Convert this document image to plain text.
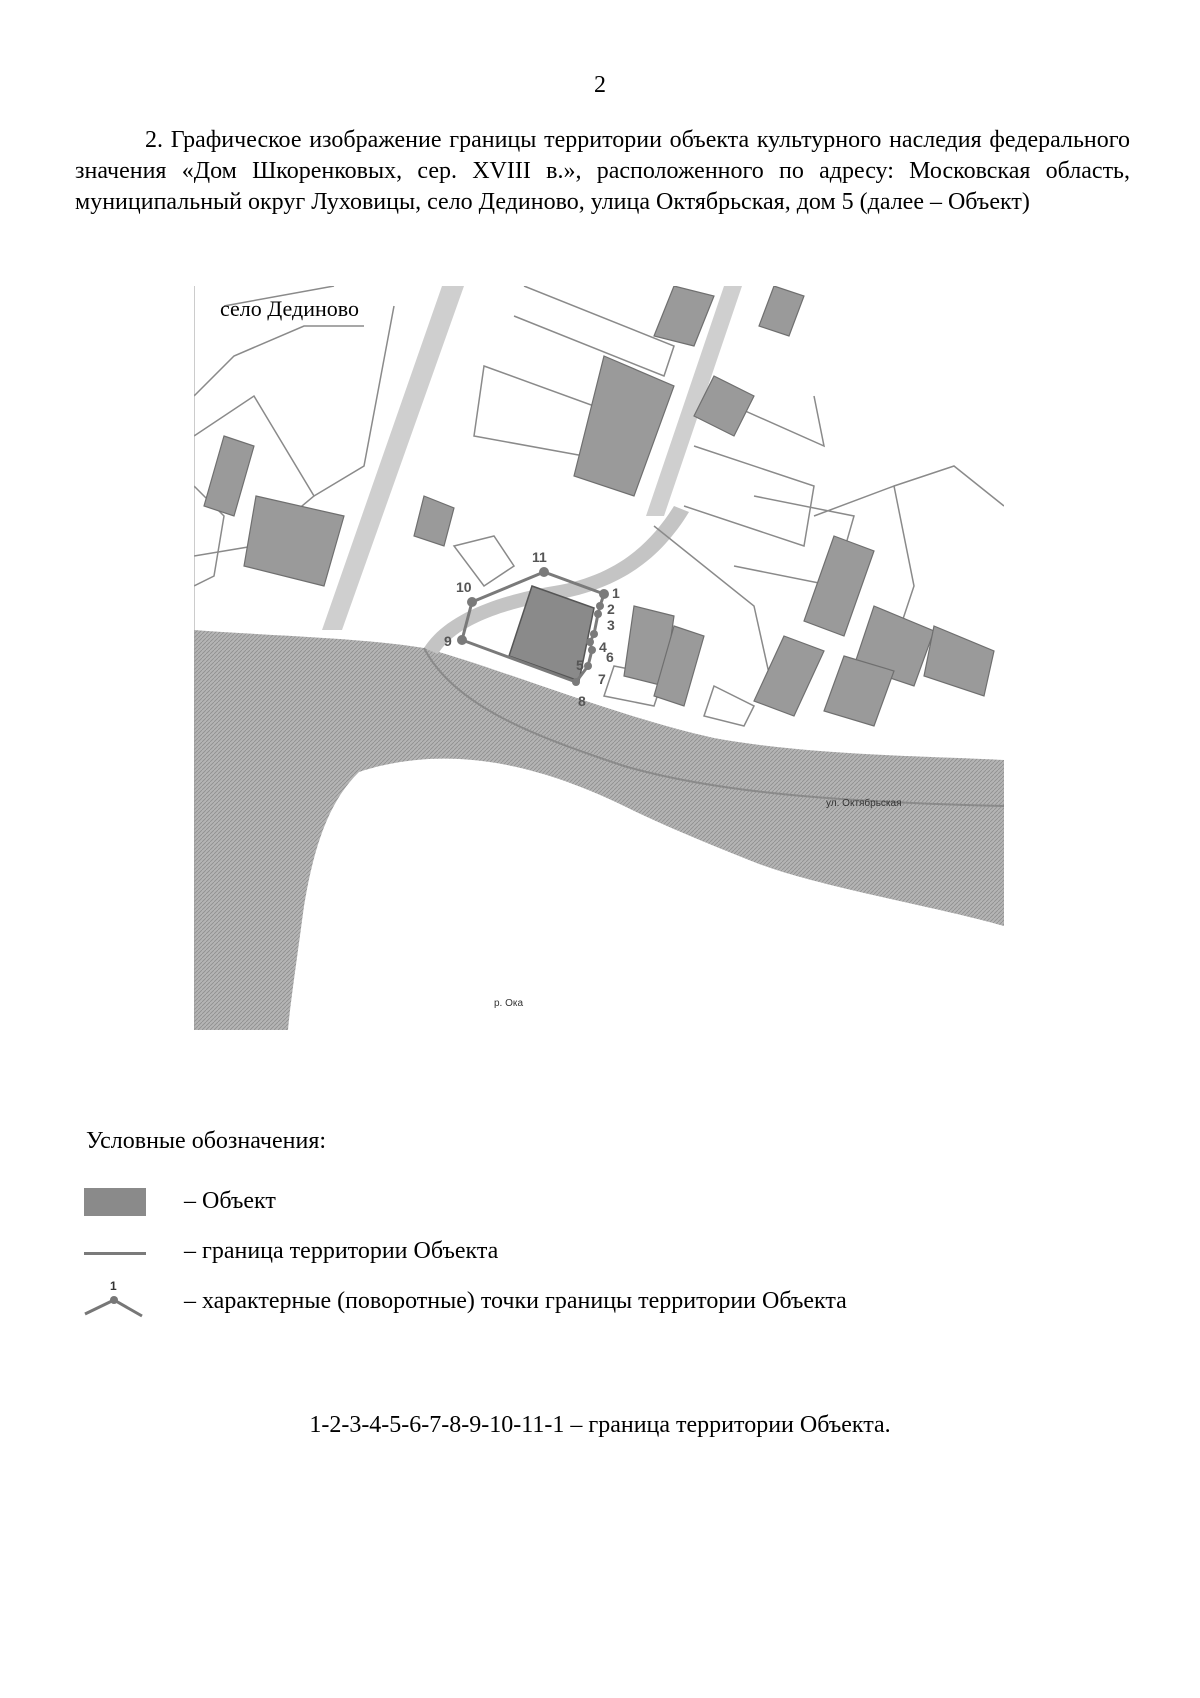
2
2. Графическое изображение границы территории объекта культурного наследия федерального значения «Дом Шкоренковых, сер. XVIII в.», расположенного по адресу: Московская область, муниципальный округ Луховицы, село Дединово, улица Октябрьская, дом 5 (далее – Объект)
1
2
3
4
5 6
7
8
9
10
11
село Дединово
ул. Октябрьская
р. Ока
Условные обозначения:
– Объект
– граница территории Объекта
1
– характерные (поворотные) точки границы территории Объекта
1-2-3-4-5-6-7-8-9-10-11-1 – граница территории Объекта.
